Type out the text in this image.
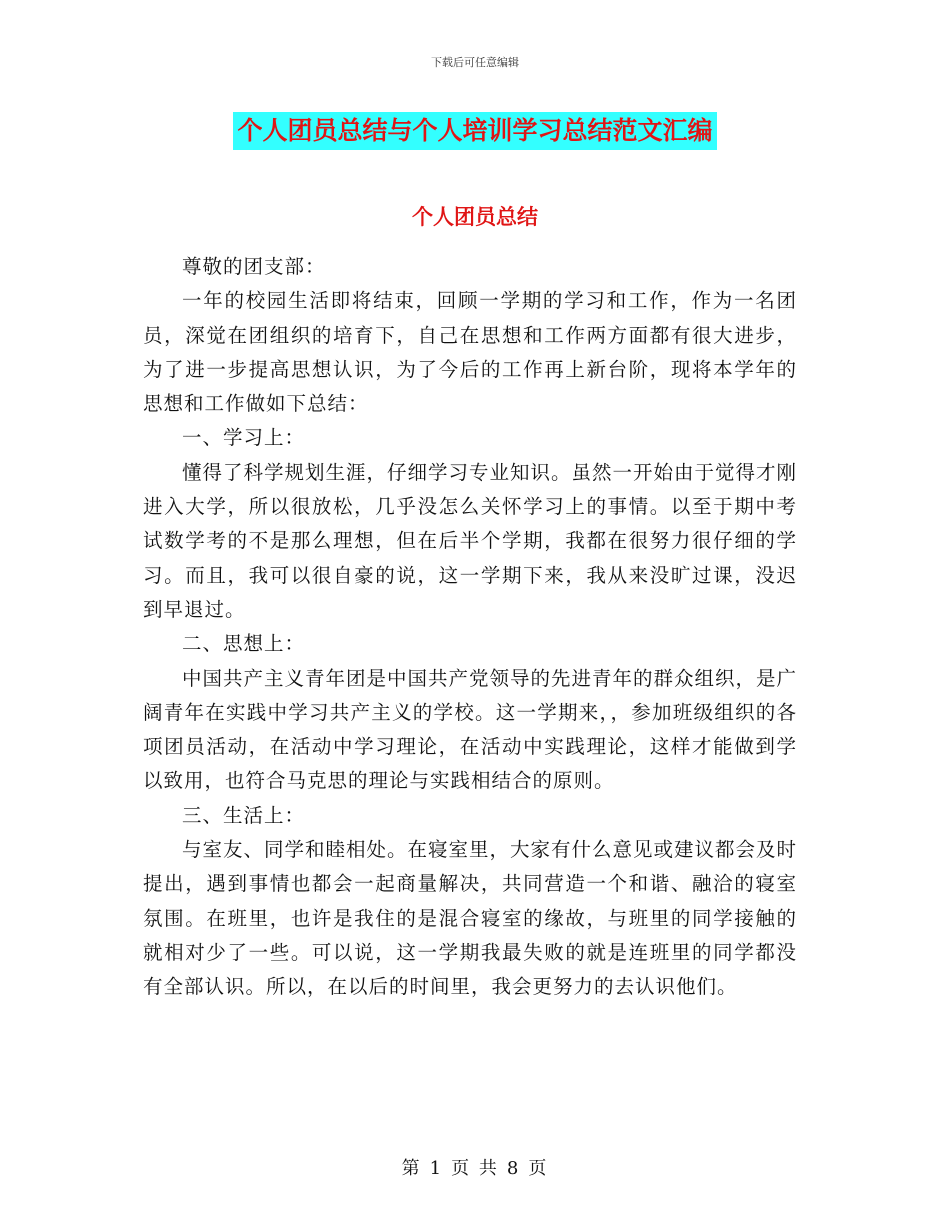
下载后可任意编辑
个人团员总结与个人培训学习总结范文汇编
个人团员总结

尊敬的团支部：

一年的校园生活即将结束，回顾一学期的学习和工作，作为一名团员，深觉在团组织的培育下，自己在思想和工作两方面都有很大进步，为了进一步提高思想认识，为了今后的工作再上新台阶，现将本学年的思想和工作做如下总结：

一、学习上：

懂得了科学规划生涯，仔细学习专业知识。虽然一开始由于觉得才刚进入大学，所以很放松，几乎没怎么关怀学习上的事情。以至于期中考试数学考的不是那么理想，但在后半个学期，我都在很努力很仔细的学习。而且，我可以很自豪的说，这一学期下来，我从来没旷过课，没迟到早退过。

二、思想上：

中国共产主义青年团是中国共产党领导的先进青年的群众组织，是广阔青年在实践中学习共产主义的学校。这一学期来，，参加班级组织的各项团员活动，在活动中学习理论，在活动中实践理论，这样才能做到学以致用，也符合马克思的理论与实践相结合的原则。

三、生活上：

与室友、同学和睦相处。在寝室里，大家有什么意见或建议都会及时提出，遇到事情也都会一起商量解决，共同营造一个和谐、融洽的寝室氛围。在班里，也许是我住的是混合寝室的缘故，与班里的同学接触的就相对少了一些。可以说，这一学期我最失败的就是连班里的同学都没有全部认识。所以，在以后的时间里，我会更努力的去认识他们。

第 1 页 共 8 页
